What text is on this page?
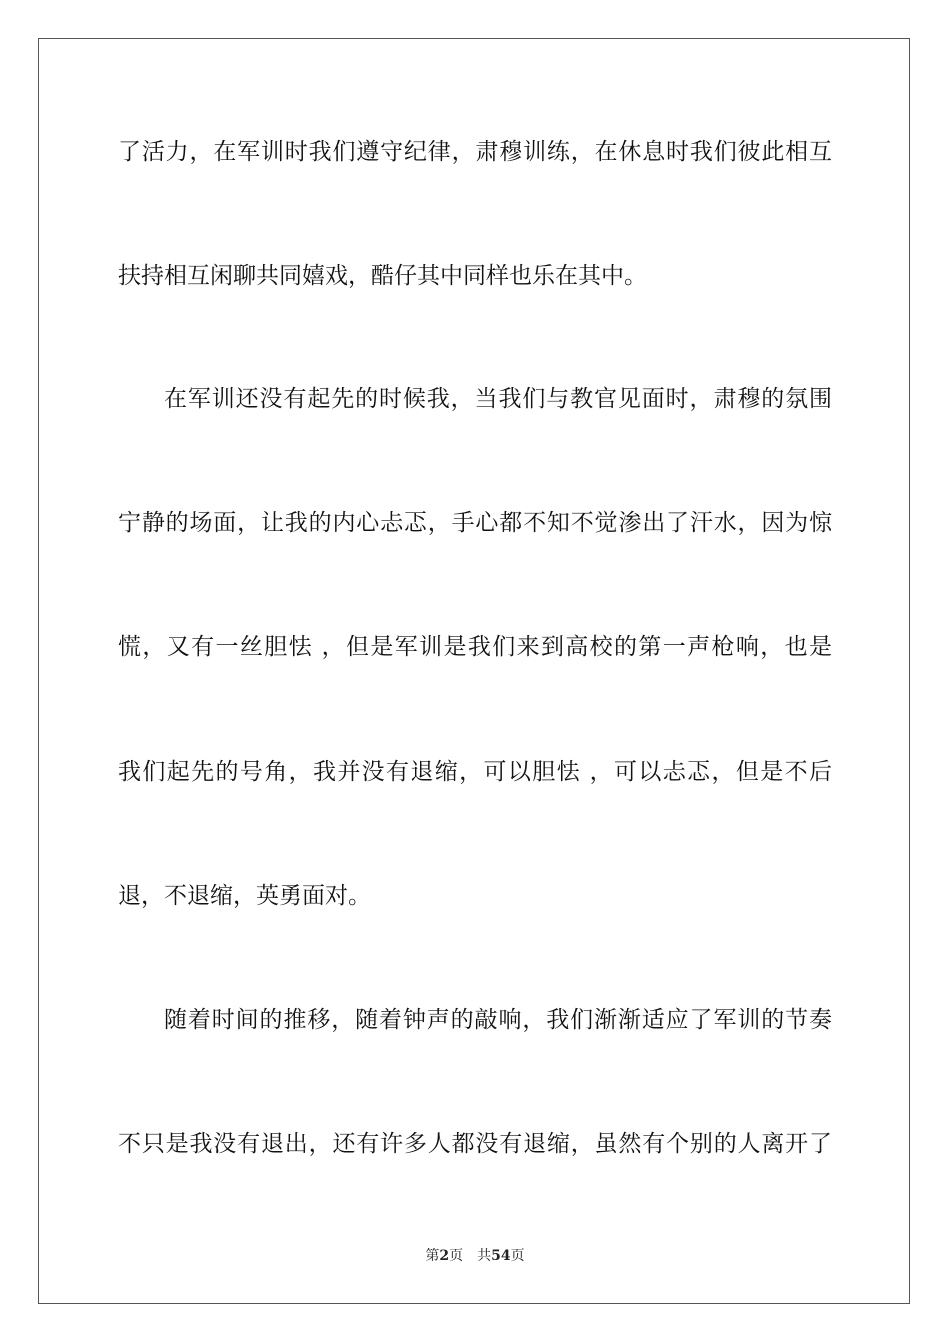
了活力，在军训时我们遵守纪律，肃穆训练，在休息时我们彼此相互
扶持相互闲聊共同嬉戏，酷仔其中同样也乐在其中。
在军训还没有起先的时候我，当我们与教官见面时，肃穆的氛围
宁静的场面，让我的内心忐忑，手心都不知不觉渗出了汗水，因为惊
慌，又有一丝胆怯 ，但是军训是我们来到高校的第一声枪响，也是
我们起先的号角，我并没有退缩，可以胆怯 ，可以忐忑，但是不后
退，不退缩，英勇面对。
随着时间的推移，随着钟声的敲响，我们渐渐适应了军训的节奏
不只是我没有退出，还有许多人都没有退缩，虽然有个别的人离开了
第2页 共54页
